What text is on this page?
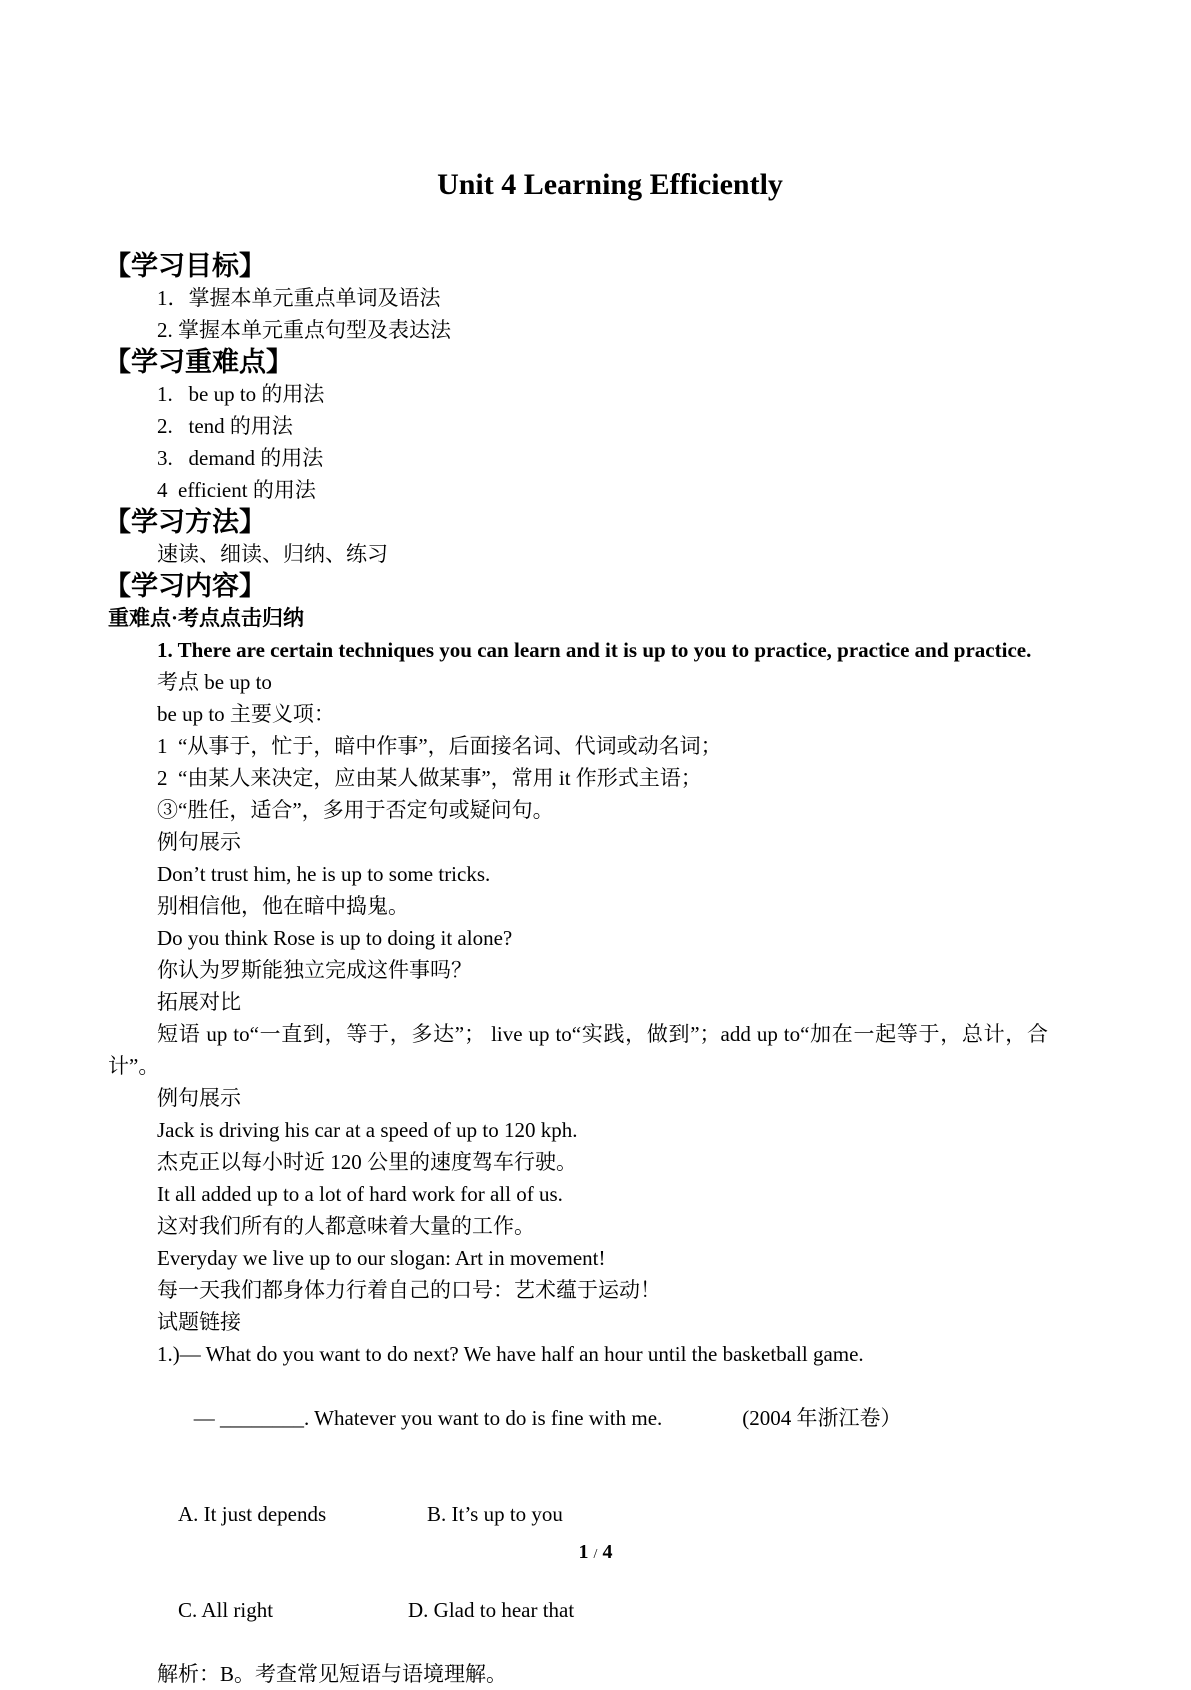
Unit 4 Learning Efficiently
【学习目标】
1．掌握本单元重点单词及语法
2. 掌握本单元重点句型及表达法
【学习重难点】
1.   be up to 的用法
2.   tend 的用法
3.   demand 的用法
4  efficient 的用法
【学习方法】
速读、细读、归纳、练习
【学习内容】
重难点·考点点击归纳
1. There are certain techniques you can learn and it is up to you to practice, practice and practice.
考点 be up to
be up to 主要义项：
1  “从事于，忙于，暗中作事”，后面接名词、代词或动名词；
2  “由某人来决定，应由某人做某事”，常用 it 作形式主语；
③“胜任，适合”，多用于否定句或疑问句。
例句展示
Don’t trust him, he is up to some tricks.
别相信他，他在暗中捣鬼。
Do you think Rose is up to doing it alone?
你认为罗斯能独立完成这件事吗？
拓展对比
短语 up to“一直到，等于，多达”； live up to“实践，做到”；add up to“加在一起等于，总计，合计”。
例句展示
Jack is driving his car at a speed of up to 120 kph.
杰克正以每小时近 120 公里的速度驾车行驶。
It all added up to a lot of hard work for all of us.
这对我们所有的人都意味着大量的工作。
Everyday we live up to our slogan: Art in movement!
每一天我们都身体力行着自己的口号：艺术蕴于运动！
试题链接
1.)— What do you want to do next? We have half an hour until the basketball game.

— ________. Whatever you want to do is fine with me.	(2004 年浙江卷）

A. It just depends	B. It’s up to you

C. All right	D. Glad to hear that

解析：B。考查常见短语与语境理解。
1 / 4
